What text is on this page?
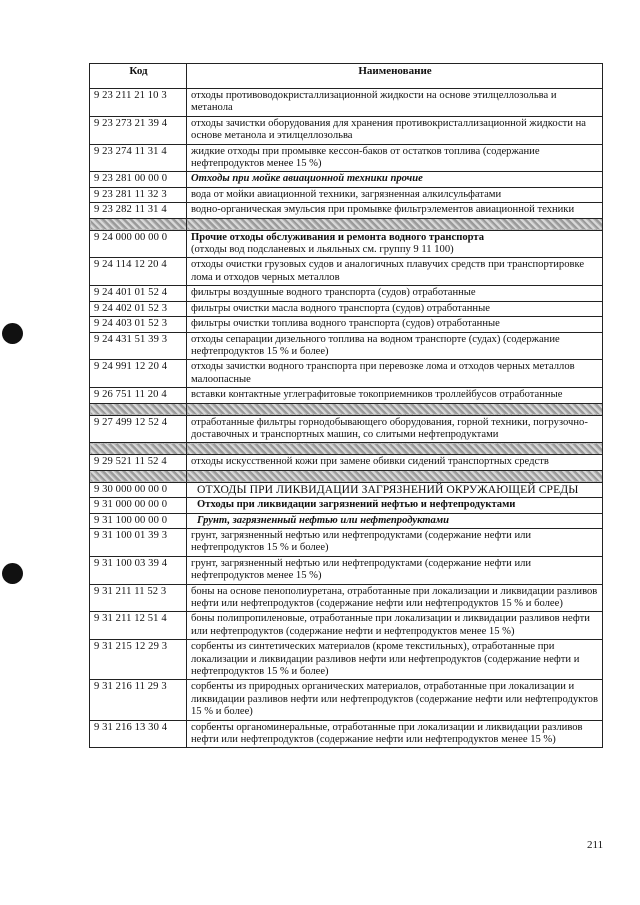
Код	Наименование
9 23 211 21 10 3	отходы противоводокристаллизационной жидкости на основе этилцеллозольва и метанола
9 23 273 21 39 4	отходы зачистки оборудования для хранения противокристаллизационной жидкости на основе метанола и этилцеллозольва
9 23 274 11 31 4	жидкие отходы при промывке кессон-баков от остатков топлива (содержание нефтепродуктов менее 15 %)
9 23 281 00 00 0	Отходы при мойке авиационной техники прочие
9 23 281 11 32 3	вода от мойки авиационной техники, загрязненная алкилсульфатами
9 23 282 11 31 4	водно-органическая эмульсия при промывке фильтрэлементов авиационной техники

9 24 000 00 00 0	Прочие отходы обслуживания и ремонта водного транспорта
(отходы вод подсланевых и льяльных см. группу 9 11 100)
9 24 114 12 20 4	отходы очистки грузовых судов и аналогичных плавучих средств при транспортировке лома и отходов черных металлов
9 24 401 01 52 4	фильтры воздушные водного транспорта (судов) отработанные
9 24 402 01 52 3	фильтры очистки масла водного транспорта (судов) отработанные
9 24 403 01 52 3	фильтры очистки топлива водного транспорта (судов) отработанные
9 24 431 51 39 3	отходы сепарации дизельного топлива на водном транспорте (судах) (содержание нефтепродуктов 15 % и более)
9 24 991 12 20 4	отходы зачистки водного транспорта при перевозке лома и отходов черных металлов малоопасные
9 26 751 11 20 4	вставки контактные углеграфитовые токоприемников троллейбусов отработанные

9 27 499 12 52 4	отработанные фильтры горнодобывающего оборудования, горной техники, погрузочно-доставочных и транспортных машин, со слитыми нефтепродуктами

9 29 521 11 52 4	отходы искусственной кожи при замене обивки сидений транспортных средств

9 30 000 00 00 0	ОТХОДЫ ПРИ ЛИКВИДАЦИИ ЗАГРЯЗНЕНИЙ ОКРУЖАЮЩЕЙ СРЕДЫ
9 31 000 00 00 0	Отходы при ликвидации загрязнений нефтью и нефтепродуктами
9 31 100 00 00 0	Грунт, загрязненный нефтью или нефтепродуктами
9 31 100 01 39 3	грунт, загрязненный нефтью или нефтепродуктами (содержание нефти или нефтепродуктов 15 % и более)
9 31 100 03 39 4	грунт, загрязненный нефтью или нефтепродуктами (содержание нефти или нефтепродуктов менее 15 %)
9 31 211 11 52 3	боны на основе пенополиуретана, отработанные при локализации и ликвидации разливов нефти или нефтепродуктов (содержание нефти или нефтепродуктов 15 % и более)
9 31 211 12 51 4	боны полипропиленовые, отработанные при локализации и ликвидации разливов нефти или нефтепродуктов (содержание нефти и нефтепродуктов менее 15 %)
9 31 215 12 29 3	сорбенты из синтетических материалов (кроме текстильных), отработанные при локализации и ликвидации разливов нефти или нефтепродуктов (содержание нефти и нефтепродуктов 15 % и более)
9 31 216 11 29 3	сорбенты из природных органических материалов, отработанные при локализации и ликвидации разливов нефти или нефтепродуктов (содержание нефти или нефтепродуктов 15 % и более)
9 31 216 13 30 4	сорбенты органоминеральные, отработанные при локализации и ликвидации разливов нефти или нефтепродуктов (содержание нефти или нефтепродуктов менее 15 %)
211
